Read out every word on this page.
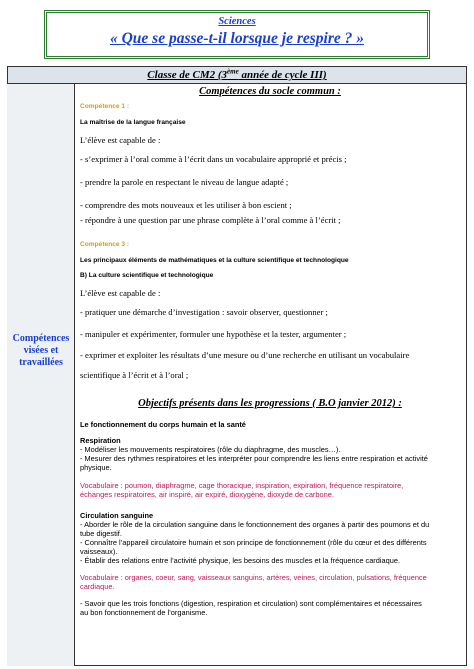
Sciences
« Que se passe-t-il lorsque je respire ? »
Classe de CM2 (3ème année de cycle III)
Compétences
visées et
travaillées
Compétences du socle commun :
Compétence 1 :
La maîtrise de la langue française
L’élève est capable de :
- s’exprimer à l’oral comme à l’écrit dans un vocabulaire approprié et précis ;
- prendre la parole en respectant le niveau de langue adapté ;
- comprendre des mots nouveaux et les utiliser à bon escient ;
- répondre à une question par une phrase complète à l’oral comme à l’écrit ;
Compétence 3 :
Les principaux éléments de mathématiques et la culture scientifique et technologique
B) La culture scientifique et technologique
L’élève est capable de :
- pratiquer une démarche d’investigation : savoir observer, questionner ;
- manipuler et expérimenter, formuler une hypothèse et la tester, argumenter ;
- exprimer et exploiter les résultats d’une mesure ou d’une recherche en utilisant un vocabulaire
scientifique à l’écrit et à l’oral ;
Objectifs présents dans les progressions ( B.O janvier 2012) :
Le fonctionnement du corps humain et la santé
Respiration
- Modéliser les mouvements respiratoires (rôle du diaphragme, des muscles…).
- Mesurer des rythmes respiratoires et les interpréter pour comprendre les liens entre respiration et activité
physique.
Vocabulaire : poumon, diaphragme, cage thoracique, inspiration, expiration, fréquence respiratoire,
échanges respiratoires, air inspiré, air expiré, dioxygène, dioxyde de carbone.
Circulation sanguine
- Aborder le rôle de la circulation sanguine dans le fonctionnement des organes à partir des poumons et du
tube digestif.
- Connaître l’appareil circulatoire humain et son principe de fonctionnement (rôle du cœur et des différents
vaisseaux).
- Établir des relations entre l’activité physique, les besoins des muscles et la fréquence cardiaque.
Vocabulaire : organes, coeur, sang, vaisseaux sanguins, artères, veines, circulation, pulsations, fréquence
cardiaque.
- Savoir que les trois fonctions (digestion, respiration et circulation) sont complémentaires et nécessaires
au bon fonctionnement de l’organisme.
